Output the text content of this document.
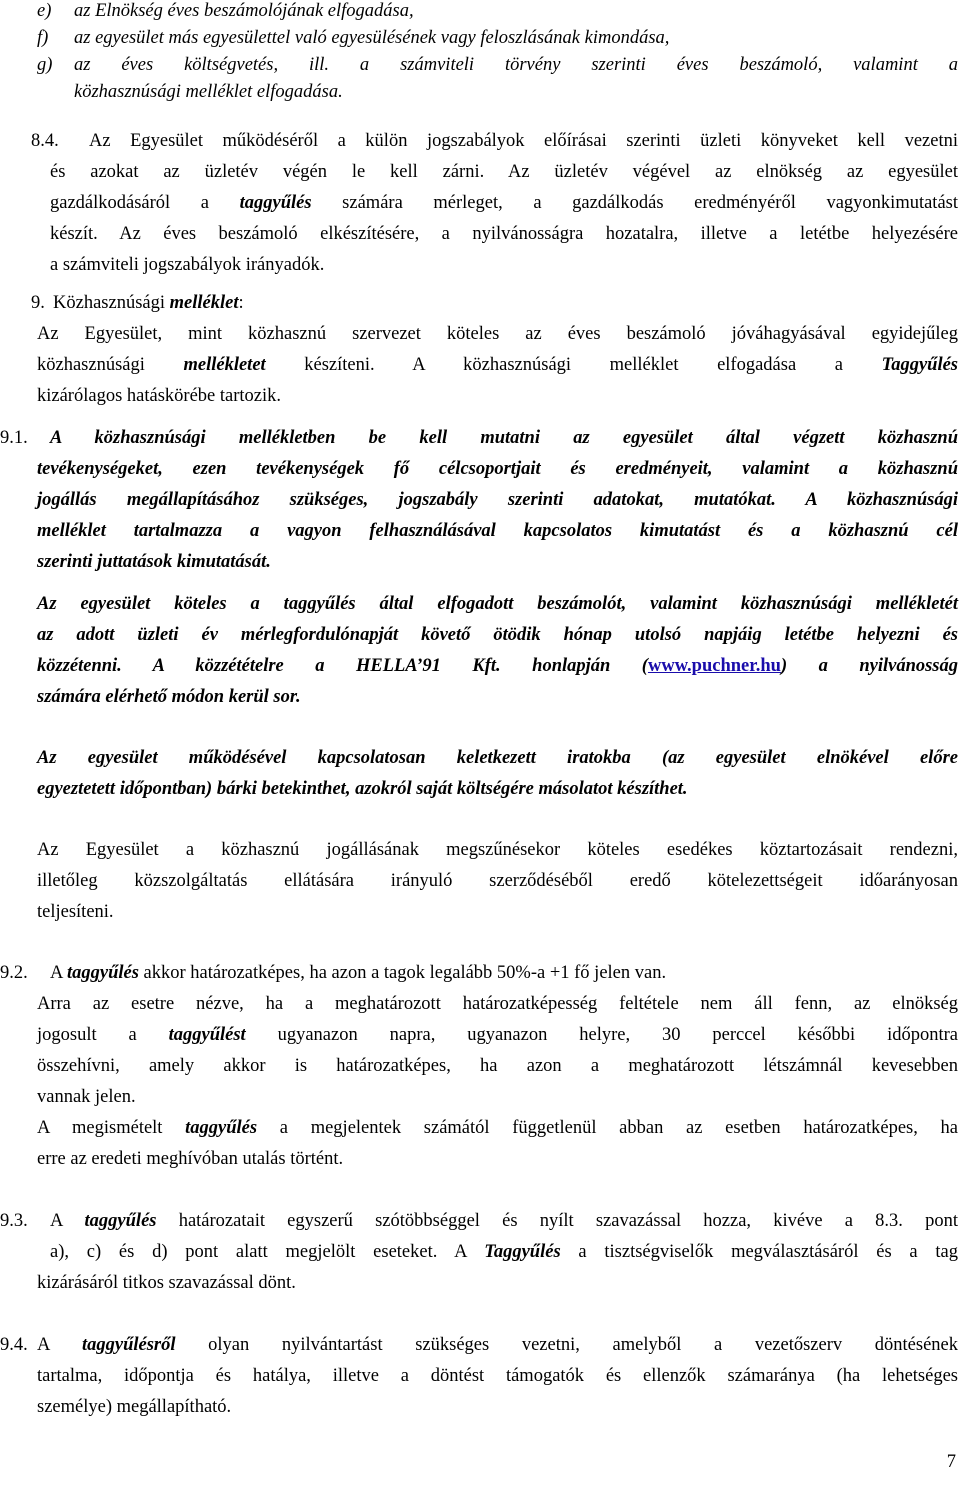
e) az Elnökség éves beszámolójának elfogadása,
f) az egyesület más egyesülettel való egyesülésének vagy feloszlásának kimondása,
g) az éves költségvetés, ill. a számviteli törvény szerinti éves beszámoló, valamint a
közhasznúsági melléklet elfogadása.
8.4. Az Egyesület működéséről a külön jogszabályok előírásai szerinti üzleti könyveket kell vezetni
és azokat az üzletév végén le kell zárni. Az üzletév végével az elnökség az egyesület
gazdálkodásáról a taggyűlés számára mérleget, a gazdálkodás eredményéről vagyonkimutatást
készít. Az éves beszámoló elkészítésére, a nyilvánosságra hozatalra, illetve a letétbe helyezésére
a számviteli jogszabályok irányadók.
9. Közhasznúsági melléklet:
Az Egyesület, mint közhasznú szervezet köteles az éves beszámoló jóváhagyásával egyidejűleg
közhasznúsági mellékletet készíteni. A közhasznúsági melléklet elfogadása a Taggyűlés
kizárólagos hatáskörébe tartozik.
9.1. A közhasznúsági mellékletben be kell mutatni az egyesület által végzett közhasznú
tevékenységeket, ezen tevékenységek fő célcsoportjait és eredményeit, valamint a közhasznú
jogállás megállapításához szükséges, jogszabály szerinti adatokat, mutatókat. A közhasznúsági
melléklet tartalmazza a vagyon felhasználásával kapcsolatos kimutatást és a közhasznú cél
szerinti juttatások kimutatását.
Az egyesület köteles a taggyűlés által elfogadott beszámolót, valamint közhasznúsági mellékletét
az adott üzleti év mérlegfordulónapját követő ötödik hónap utolsó napjáig letétbe helyezni és
közzétenni. A közzétételre a HELLA’91 Kft. honlapján (www.puchner.hu) a nyilvánosság
számára elérhető módon kerül sor.
Az egyesület működésével kapcsolatosan keletkezett iratokba (az egyesület elnökével előre
egyeztetett időpontban) bárki betekinthet, azokról saját költségére másolatot készíthet.
Az Egyesület a közhasznú jogállásának megszűnésekor köteles esedékes köztartozásait rendezni,
illetőleg közszolgáltatás ellátására irányuló szerződéséből eredő kötelezettségeit időarányosan
teljesíteni.
9.2. A taggyűlés akkor határozatképes, ha azon a tagok legalább 50%-a +1 fő jelen van.
Arra az esetre nézve, ha a meghatározott határozatképesség feltétele nem áll fenn, az elnökség
jogosult a taggyűlést ugyanazon napra, ugyanazon helyre, 30 perccel későbbi időpontra
összehívni, amely akkor is határozatképes, ha azon a meghatározott létszámnál kevesebben
vannak jelen.
A megismételt taggyűlés a megjelentek számától függetlenül abban az esetben határozatképes, ha
erre az eredeti meghívóban utalás történt.
9.3. A taggyűlés határozatait egyszerű szótöbbséggel és nyílt szavazással hozza, kivéve a 8.3. pont
a), c) és d) pont alatt megjelölt eseteket. A Taggyűlés a tisztségviselők megválasztásáról és a tag
kizárásáról titkos szavazással dönt.
9.4. A taggyűlésről olyan nyilvántartást szükséges vezetni, amelyből a vezetőszerv döntésének
tartalma, időpontja és hatálya, illetve a döntést támogatók és ellenzők számaránya (ha lehetséges
személye) megállapítható.
7
